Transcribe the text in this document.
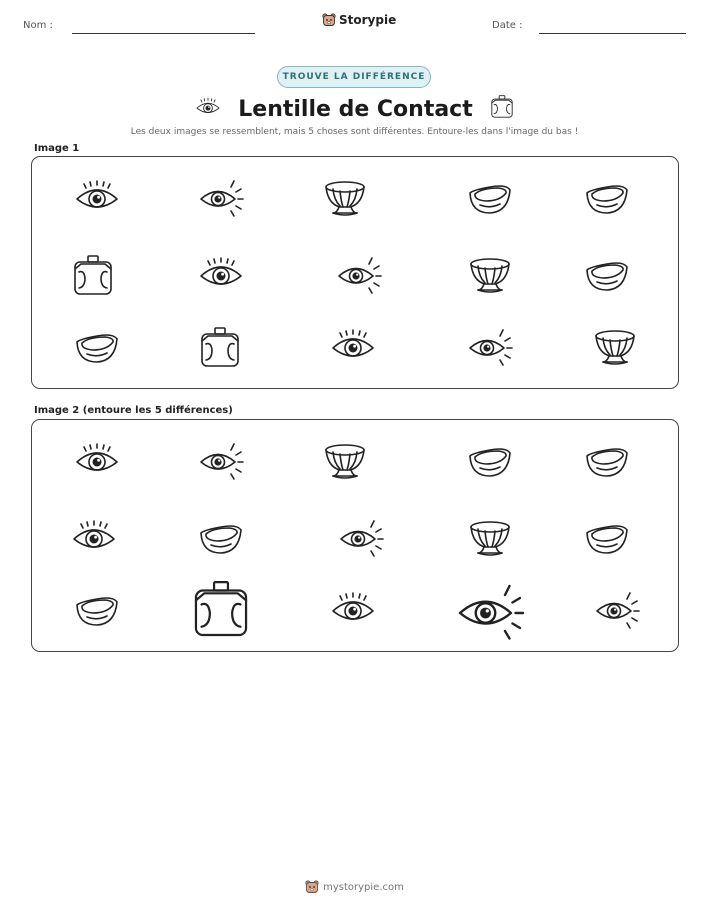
Nom :	Storypie	Date :
TROUVE LA DIFFÉRENCE
Lentille de Contact
Les deux images se ressemblent, mais 5 choses sont différentes. Entoure-les dans l'image du bas !
Image 1
Image 2 (entoure les 5 différences)
mystorypie.com
